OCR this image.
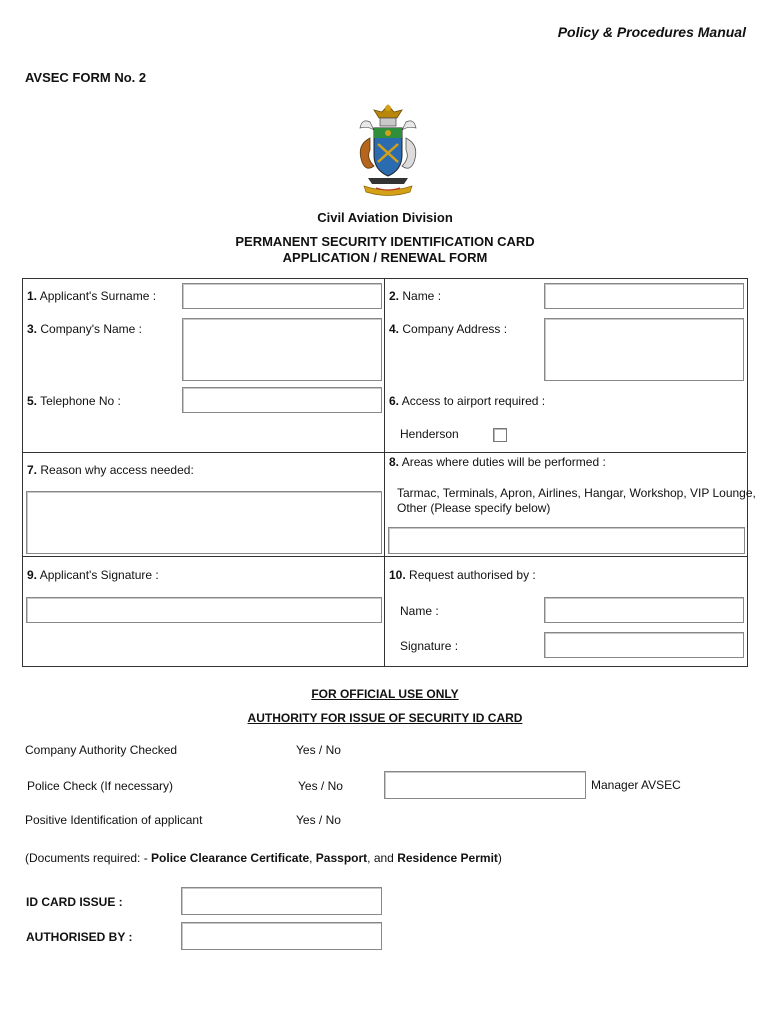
Policy & Procedures Manual
AVSEC FORM No. 2
Civil Aviation Division
PERMANENT SECURITY IDENTIFICATION CARD
APPLICATION / RENEWAL FORM
1. Applicant's Surname :	2. Name :
3. Company's Name :	4. Company Address :
5. Telephone No :	6. Access to airport required :
Henderson
7. Reason why access needed:
8. Areas where duties will be performed :
Tarmac, Terminals, Apron, Airlines, Hangar, Workshop, VIP Lounge,
Other (Please specify below)
9. Applicant's Signature :	10. Request authorised by :
Name :
Signature :
FOR OFFICIAL USE ONLY
AUTHORITY FOR ISSUE OF SECURITY ID CARD
Company Authority Checked	Yes / No
Police Check (If necessary)	Yes / No	Manager AVSEC
Positive Identification of applicant	Yes / No
(Documents required: - Police Clearance Certificate, Passport, and Residence Permit)
ID CARD ISSUE :
AUTHORISED BY :
